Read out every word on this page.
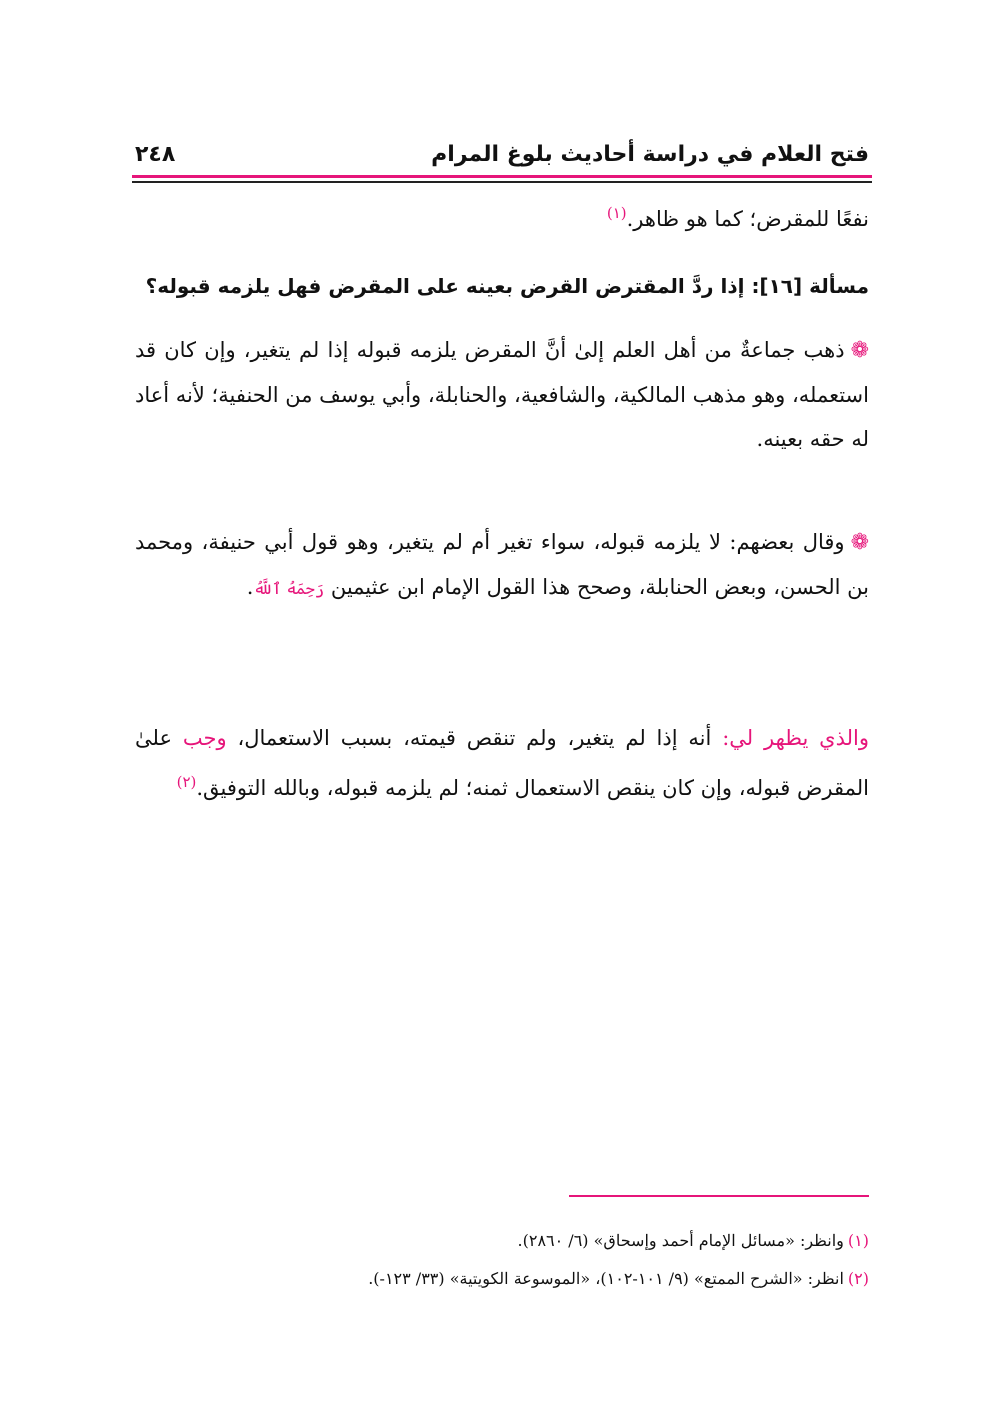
فتح العلام في دراسة أحاديث بلوغ المرام
٢٤٨

نفعًا للمقرض؛ كما هو ظاهر.$^{(١)}$

مسألة [١٦]: إذا ردَّ المقترض القرض بعينه على المقرض فهل يلزمه قبوله؟

❁ذهب جماعةٌ من أهل العلم إلىٰ أنَّ المقرض يلزمه قبوله إذا لم يتغير، وإن كان قد استعمله، وهو مذهب المالكية، والشافعية، والحنابلة، وأبي يوسف من الحنفية؛ لأنه أعاد له حقه بعينه.

❁وقال بعضهم: لا يلزمه قبوله، سواء تغير أم لم يتغير، وهو قول أبي حنيفة، ومحمد بن الحسن، وبعض الحنابلة، وصحح هذا القول الإمام ابن عثيمين رَحِمَهُ ٱللَّهُ.

والذي يظهر لي: أنه إذا لم يتغير، ولم تنقص قيمته، بسبب الاستعمال، وجب علىٰ المقرض قبوله، وإن كان ينقص الاستعمال ثمنه؛ لم يلزمه قبوله، وبالله التوفيق.$^{(٢)}$

(١)وانظر: «مسائل الإمام أحمد وإسحاق» (٦/ ٢٨٦٠).

(٢)انظر: «الشرح الممتع» (٩/ ١٠١-١٠٢)، «الموسوعة الكويتية» (٣٣/ ١٢٣-).
